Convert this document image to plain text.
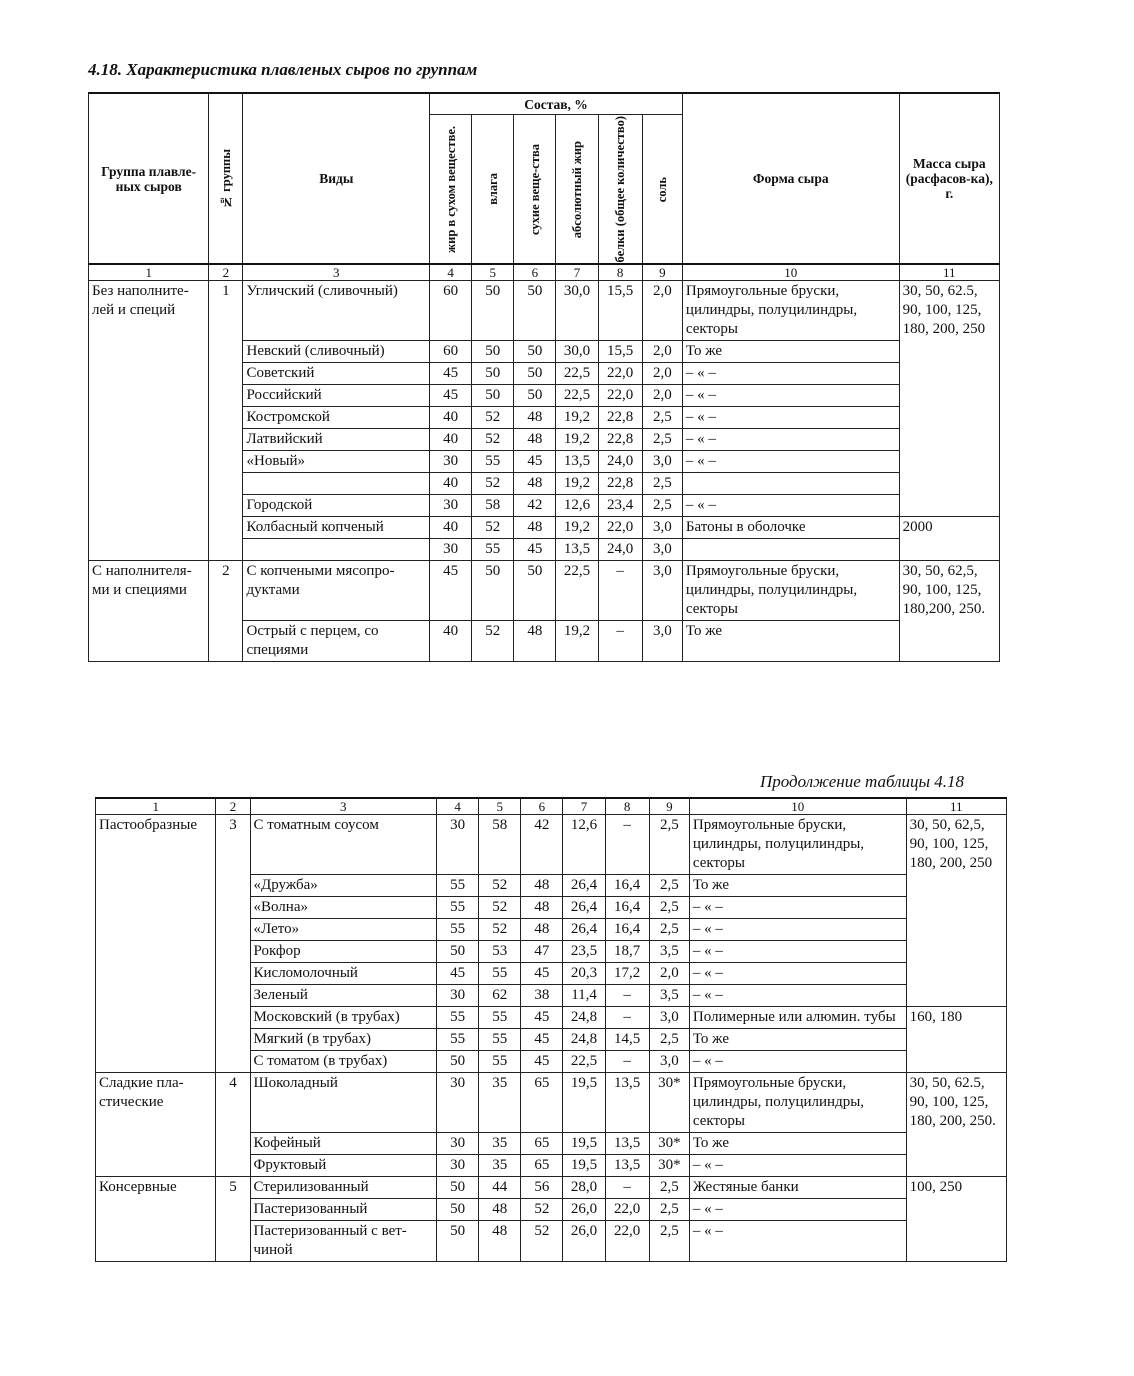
4.18. Характеристика плавленых сыров по группам
Группа плавле-ных сыров	№ группы	Виды	Состав, %						Форма сыра	Масса сыра (расфасов-ка), г.

			жир в сухом веществе.	влага	сухие веще-ства	абсолютный жир	белки (общее количество)	соль		

1	2	3	4	5	6	7	8	9	10	11
Без наполните-лей и специй	1	Угличский (сливочный)	60	50	50	30,0	15,5	2,0	Прямоугольные бруски, цилиндры, полуцилиндры, секторы	30, 50, 62.5, 90, 100, 125, 180, 200, 250
		Невский (сливочный)	60	50	50	30,0	15,5	2,0	То же	
		Советский	45	50	50	22,5	22,0	2,0	– « –	
		Российский	45	50	50	22,5	22,0	2,0	– « –	
		Костромской	40	52	48	19,2	22,8	2,5	– « –	
		Латвийский	40	52	48	19,2	22,8	2,5	– « –	
		«Новый»	30	55	45	13,5	24,0	3,0	– « –	
			40	52	48	19,2	22,8	2,5		
		Городской	30	58	42	12,6	23,4	2,5	– « –	
		Колбасный копченый	40	52	48	19,2	22,0	3,0	Батоны в оболочке	2000
			30	55	45	13,5	24,0	3,0		
С наполнителя-ми и специями	2	С копчеными мясопро-дуктами	45	50	50	22,5	–	3,0	Прямоугольные бруски, цилиндры, полуцилиндры, секторы	30, 50, 62,5, 90, 100, 125, 180,200, 250.
		Острый с перцем, со специями	40	52	48	19,2	–	3,0	То же	
Продолжение таблицы 4.18
1	2	3	4	5	6	7	8	9	10	11
Пастообразные	3	С томатным соусом	30	58	42	12,6	–	2,5	Прямоугольные бруски, цилиндры, полуцилиндры, секторы	30, 50, 62,5, 90, 100, 125, 180, 200, 250
		«Дружба»	55	52	48	26,4	16,4	2,5	То же	
		«Волна»	55	52	48	26,4	16,4	2,5	– « –	
		«Лето»	55	52	48	26,4	16,4	2,5	– « –	
		Рокфор	50	53	47	23,5	18,7	3,5	– « –	
		Кисломолочный	45	55	45	20,3	17,2	2,0	– « –	
		Зеленый	30	62	38	11,4	–	3,5	– « –	
		Московский (в трубах)	55	55	45	24,8	–	3,0	Полимерные или алюмин. тубы	160, 180
		Мягкий (в трубах)	55	55	45	24,8	14,5	2,5	То же	
		С томатом (в трубах)	50	55	45	22,5	–	3,0	– « –	
Сладкие пла-стические	4	Шоколадный	30	35	65	19,5	13,5	30*	Прямоугольные бруски, цилиндры, полуцилиндры, секторы	30, 50, 62.5, 90, 100, 125, 180, 200, 250.
		Кофейный	30	35	65	19,5	13,5	30*	То же	
		Фруктовый	30	35	65	19,5	13,5	30*	– « –	
Консервные	5	Стерилизованный	50	44	56	28,0	–	2,5	Жестяные банки	100, 250
		Пастеризованный	50	48	52	26,0	22,0	2,5	– « –	
		Пастеризованный с вет-чиной	50	48	52	26,0	22,0	2,5	– « –	
